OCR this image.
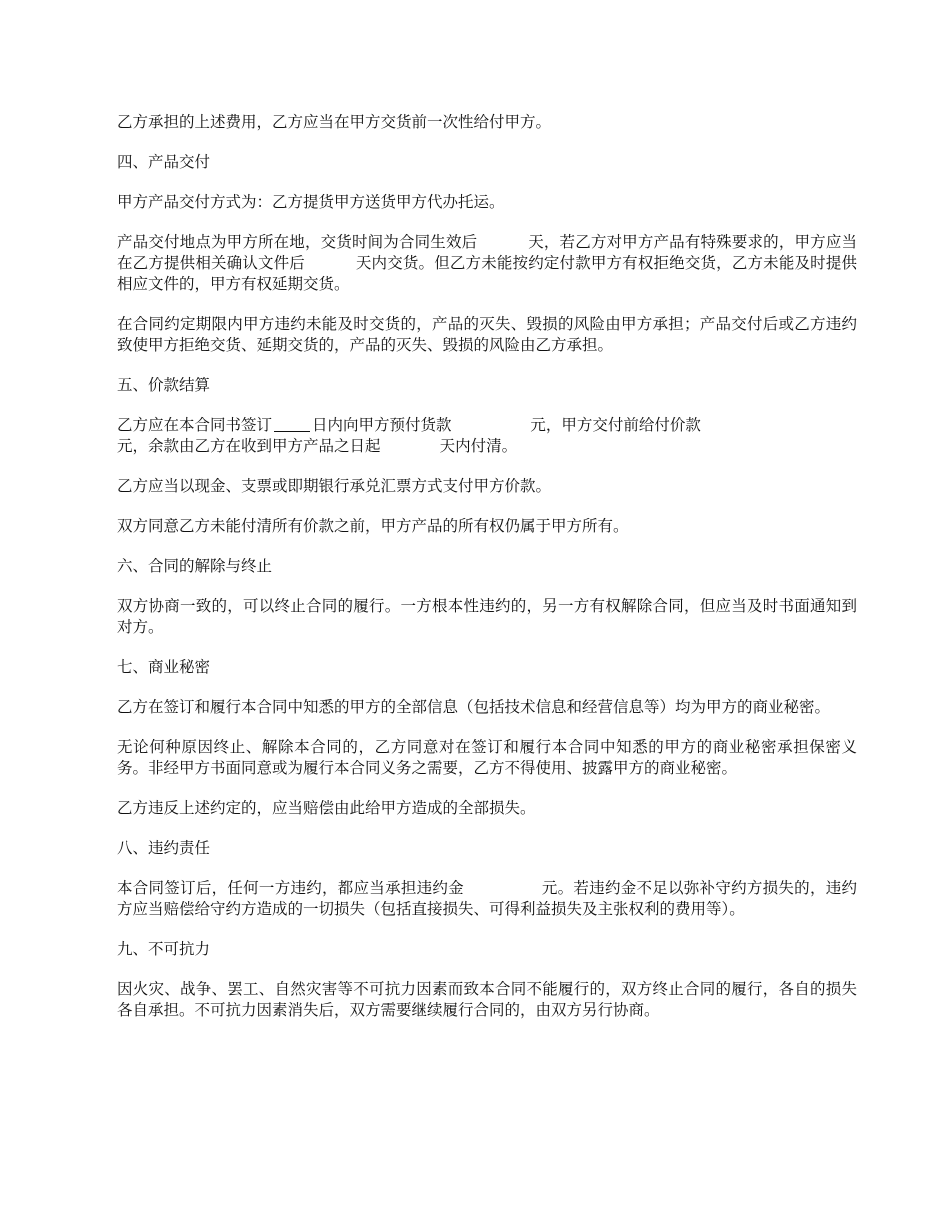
乙方承担的上述费用，乙方应当在甲方交货前一次性给付甲方。

四、产品交付

甲方产品交付方式为：乙方提货甲方送货甲方代办托运。

产品交付地点为甲方所在地，交货时间为合同生效后          天，若乙方对甲方产品有特殊要求的，甲方应当在乙方提供相关确认文件后          天内交货。但乙方未能按约定付款甲方有权拒绝交货，乙方未能及时提供相应文件的，甲方有权延期交货。

在合同约定期限内甲方违约未能及时交货的，产品的灭失、毁损的风险由甲方承担；产品交付后或乙方违约致使甲方拒绝交货、延期交货的，产品的灭失、毁损的风险由乙方承担。

五、价款结算

乙方应在本合同书签订	日内向甲方预付货款                元，甲方交付前给付价款
元，余款由乙方在收到甲方产品之日起            天内付清。

乙方应当以现金、支票或即期银行承兑汇票方式支付甲方价款。

双方同意乙方未能付清所有价款之前，甲方产品的所有权仍属于甲方所有。

六、合同的解除与终止

双方协商一致的，可以终止合同的履行。一方根本性违约的，另一方有权解除合同，但应当及时书面通知到对方。

七、商业秘密

乙方在签订和履行本合同中知悉的甲方的全部信息（包括技术信息和经营信息等）均为甲方的商业秘密。

无论何种原因终止、解除本合同的，乙方同意对在签订和履行本合同中知悉的甲方的商业秘密承担保密义务。非经甲方书面同意或为履行本合同义务之需要，乙方不得使用、披露甲方的商业秘密。

乙方违反上述约定的，应当赔偿由此给甲方造成的全部损失。

八、违约责任

本合同签订后，任何一方违约，都应当承担违约金               元。若违约金不足以弥补守约方损失的，违约方应当赔偿给守约方造成的一切损失（包括直接损失、可得利益损失及主张权利的费用等）。

九、不可抗力

因火灾、战争、罢工、自然灾害等不可抗力因素而致本合同不能履行的，双方终止合同的履行，各自的损失各自承担。不可抗力因素消失后，双方需要继续履行合同的，由双方另行协商。
